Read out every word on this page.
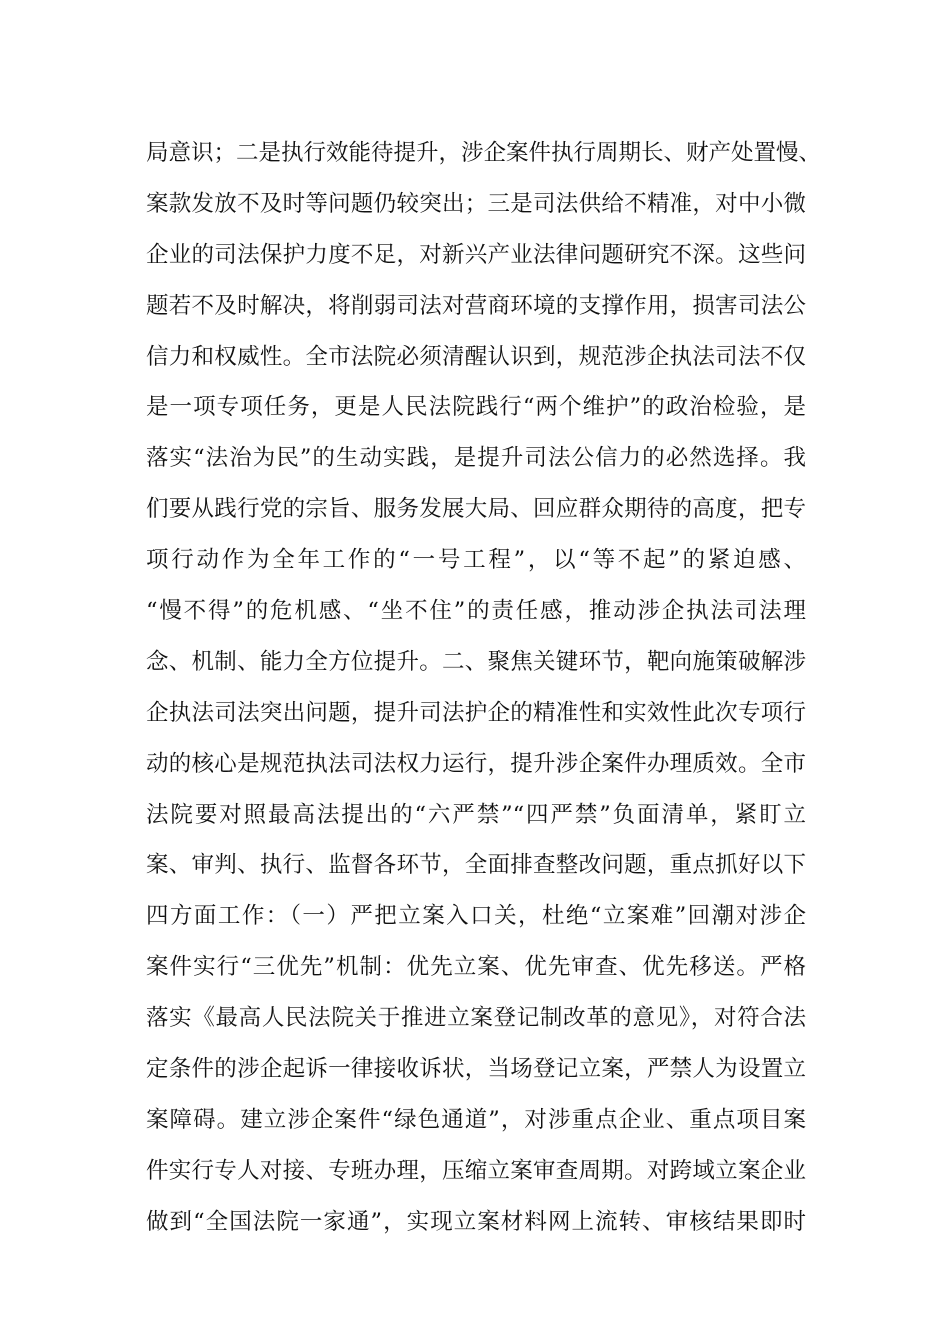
局意识；二是执行效能待提升，涉企案件执行周期长、财产处置慢、
案款发放不及时等问题仍较突出；三是司法供给不精准，对中小微
企业的司法保护力度不足，对新兴产业法律问题研究不深。这些问
题若不及时解决，将削弱司法对营商环境的支撑作用，损害司法公
信力和权威性。全市法院必须清醒认识到，规范涉企执法司法不仅
是一项专项任务，更是人民法院践行“两个维护”的政治检验，是
落实“法治为民”的生动实践，是提升司法公信力的必然选择。我
们要从践行党的宗旨、服务发展大局、回应群众期待的高度，把专
项行动作为全年工作的“一号工程”，以“等不起”的紧迫感、
“慢不得”的危机感、“坐不住”的责任感，推动涉企执法司法理
念、机制、能力全方位提升。二、聚焦关键环节，靶向施策破解涉
企执法司法突出问题，提升司法护企的精准性和实效性此次专项行
动的核心是规范执法司法权力运行，提升涉企案件办理质效。全市
法院要对照最高法提出的“六严禁”“四严禁”负面清单，紧盯立
案、审判、执行、监督各环节，全面排查整改问题，重点抓好以下
四方面工作：（一）严把立案入口关，杜绝“立案难”回潮对涉企
案件实行“三优先”机制：优先立案、优先审查、优先移送。严格
落实《最高人民法院关于推进立案登记制改革的意见》，对符合法
定条件的涉企起诉一律接收诉状，当场登记立案，严禁人为设置立
案障碍。建立涉企案件“绿色通道”，对涉重点企业、重点项目案
件实行专人对接、专班办理，压缩立案审查周期。对跨域立案企业
做到“全国法院一家通”，实现立案材料网上流转、审核结果即时
